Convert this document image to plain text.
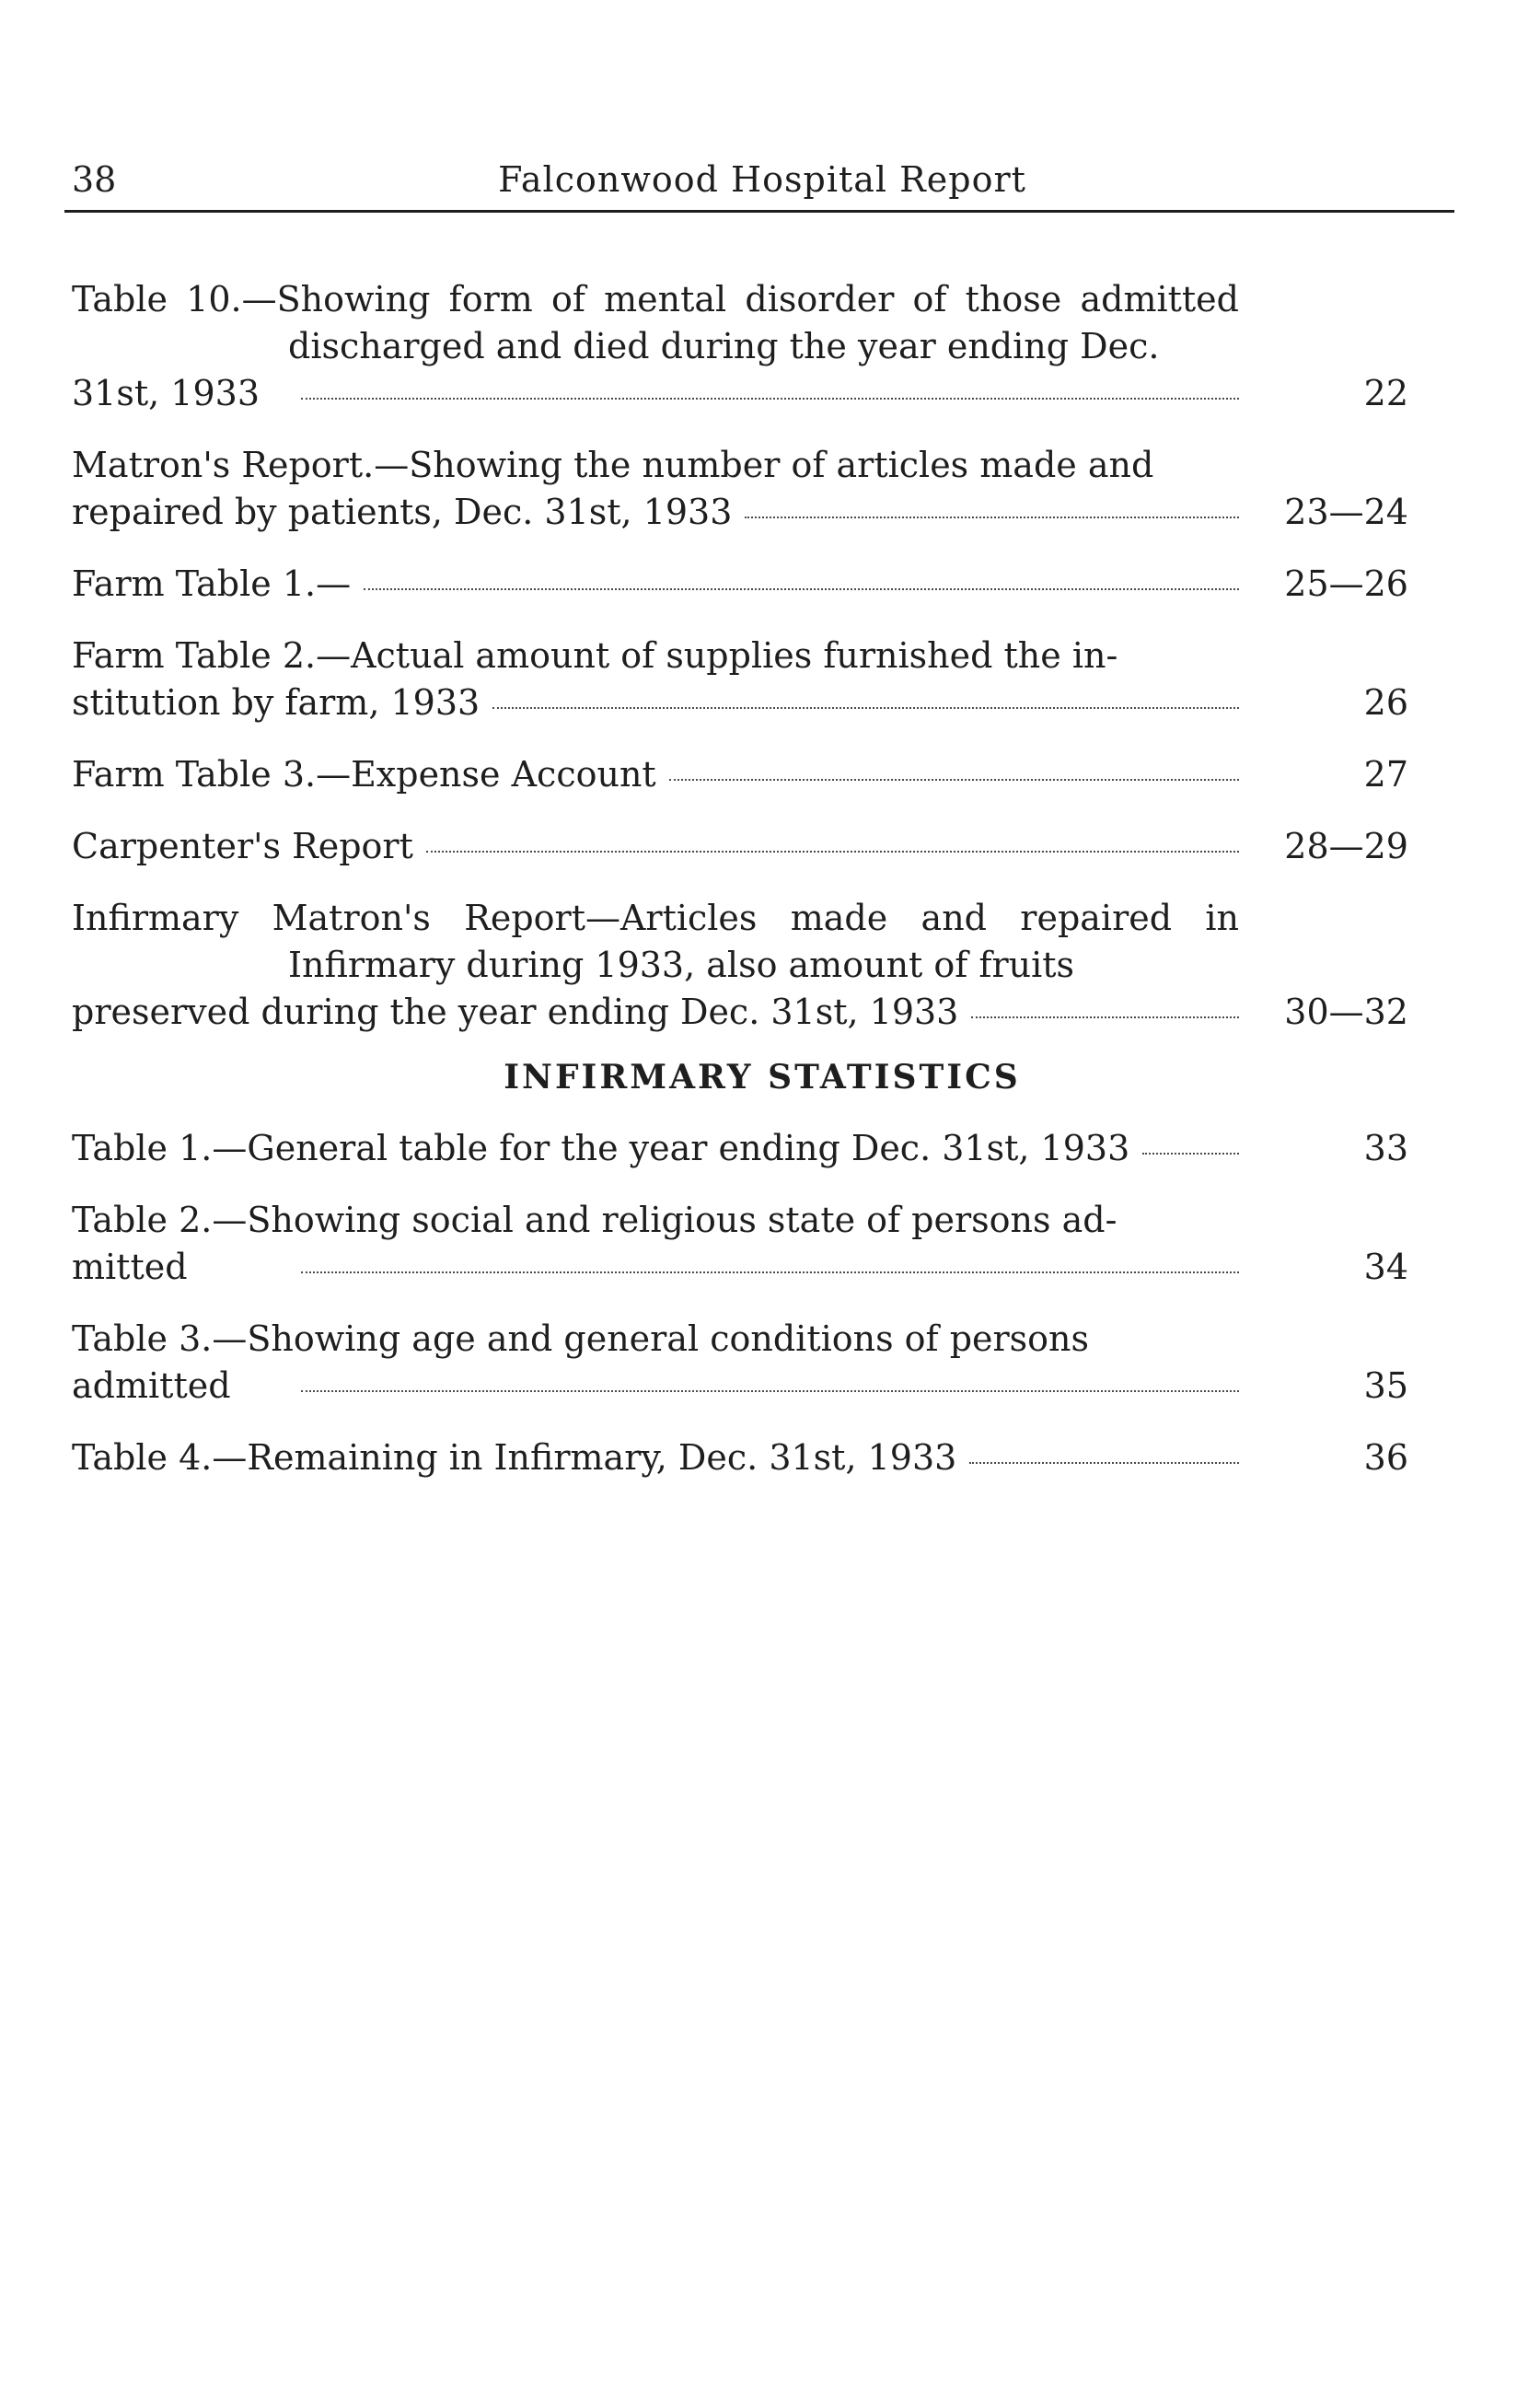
38	Falconwood Hospital Report
Table 10.—Showing form of mental disorder of those admitted discharged and died during the year ending Dec.
31st, 1933	22
Matron's Report.—Showing the number of articles made and
repaired by patients, Dec. 31st, 1933	23—24
Farm Table 1.—	25—26
Farm Table 2.—Actual amount of supplies furnished the in-
stitution by farm, 1933	26
Farm Table 3.—Expense Account	27
Carpenter's Report	28—29
Infirmary Matron's Report—Articles made and repaired in Infirmary during 1933, also amount of fruits
preserved during the year ending Dec. 31st, 1933	30—32
INFIRMARY STATISTICS
Table 1.—General table for the year ending Dec. 31st, 1933	33
Table 2.—Showing social and religious state of persons ad-
mitted	34
Table 3.—Showing age and general conditions of persons
admitted	35
Table 4.—Remaining in Infirmary, Dec. 31st, 1933	36
